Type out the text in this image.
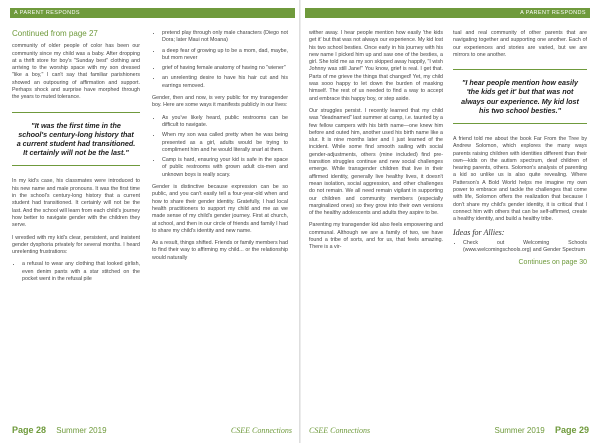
A PARENT RESPONDS
Continued from page 27

community of older people of color has been our community since my child was a baby. After dropping at a thrift store for boy's "Sunday best" clothing and arriving to the worship space with my son dressed "like a boy," I can't say that familiar parishioners showed an outpouring of affirmation and support. Perhaps shock and surprise have morphed through the years to muted tolerance.

"It was the first time in the school's century-long history that a current student had transitioned. It certainly will not be the last."

In my kid's case, his classmates were introduced to his new name and male pronouns. It was the first time in the school's century-long history that a current student had transitioned. It certainly will not be the last. And the school will learn from each child's journey how better to navigate gender with the children they serve.

I wrestled with my kid's clear, persistent, and insistent gender dysphoria privately for several months. I heard unrelenting frustrations:

• a refusal to wear any clothing that looked girlish, even denim pants with a star stitched on the pocket went in the refusal pile
• pretend play through only male characters (Diego not Dora; later Maui not Moana)
• a deep fear of growing up to be a mom, dad, maybe, but mom never
• grief of having female anatomy of having no "wiener"
• an unrelenting desire to have his hair cut and his earrings removed.

Gender, then and now, is very public for my transgender boy. Here are some ways it manifests publicly in our lives:

• As you've likely heard, public restrooms can be difficult to navigate.
• When my son was called pretty when he was being presented as a girl, adults would be trying to compliment him and he would literally snarl at them.
• Camp is hard, ensuring your kid is safe in the space of public restrooms with grown adult cis-men and unknown boys is really scary.

Gender is distinctive because expression can be so public, and you can't easily tell a four-year-old when and how to share their gender identity. Gratefully, I had local health practitioners to support my child and me as we made sense of my child's gender journey. First at church, at school, and then in our circle of friends and family I had to share my child's identity and new name.

As a result, things shifted. Friends or family members had to find their way to affirming my child... or the relationship would naturally

Page 28 Summer 2019	CSEE Connections
A PARENT RESPONDS

wither away. I hear people mention how easily 'the kids get it' but that was not always our experience. My kid lost his two school besties. Once early in his journey with his new name I picked him up and saw one of the besties, a girl. She told me as my son skipped away happily, "I wish Johnny was still Jane!" You know, grief is real. I get that. Parts of me grieve the things that changed! Yet, my child was sooo happy to let down the burden of masking himself. The rest of us needed to find a way to accept and embrace this happy boy, or step aside.

Our struggles persist. I recently learned that my child was "deadnamed" last summer at camp, i.e. taunted by a few fellow campers with his birth name—one knew him before and outed him, another used his birth name like a slur. It is nine months later and I just learned of the incident. While some find smooth sailing with social gender-adjustments, others (mine included) find pre-transition struggles continue and new social challenges emerge. While transgender children that live in their affirmed identity, generally live healthy lives, it doesn't mean isolation, social aggression, and other challenges do not remain. We all need remain vigilant in supporting our children and community members (especially marginalized ones) so they grow into their own versions of the healthy adolescents and adults they aspire to be.

Parenting my transgender kid also feels empowering and communal. Although we are a family of two, we have found a tribe of sorts, and for us, that feels amazing. There is a vir-

tual and real community of other parents that are navigating together and supporting one another. Each of our experiences and stories are varied, but we are mirrors to one another.

"I hear people mention how easily 'the kids get it' but that was not always our experience. My kid lost his two school besties."

A friend told me about the book Far From the Tree by Andrew Solomon, which explores the many ways parents raising children with identities different than their own—kids on the autism spectrum, deaf children of hearing parents, others. Solomon's analysis of parenting a kid so unlike us is also quite revealing. Where Patterson's A Bold World helps me imagine my own power to embrace and tackle the challenges that come with life, Solomon offers the realization that because I don't share my child's gender identity, it is critical that I connect him with others that can be self-affirmed, create a healthy identity, and build a healthy tribe.

Ideas for Allies:
• Check out Welcoming Schools (www.welcomingschools.org) and Gender Spectrum
Continues on page 30
CSEE Connections	Summer 2019 Page 29
